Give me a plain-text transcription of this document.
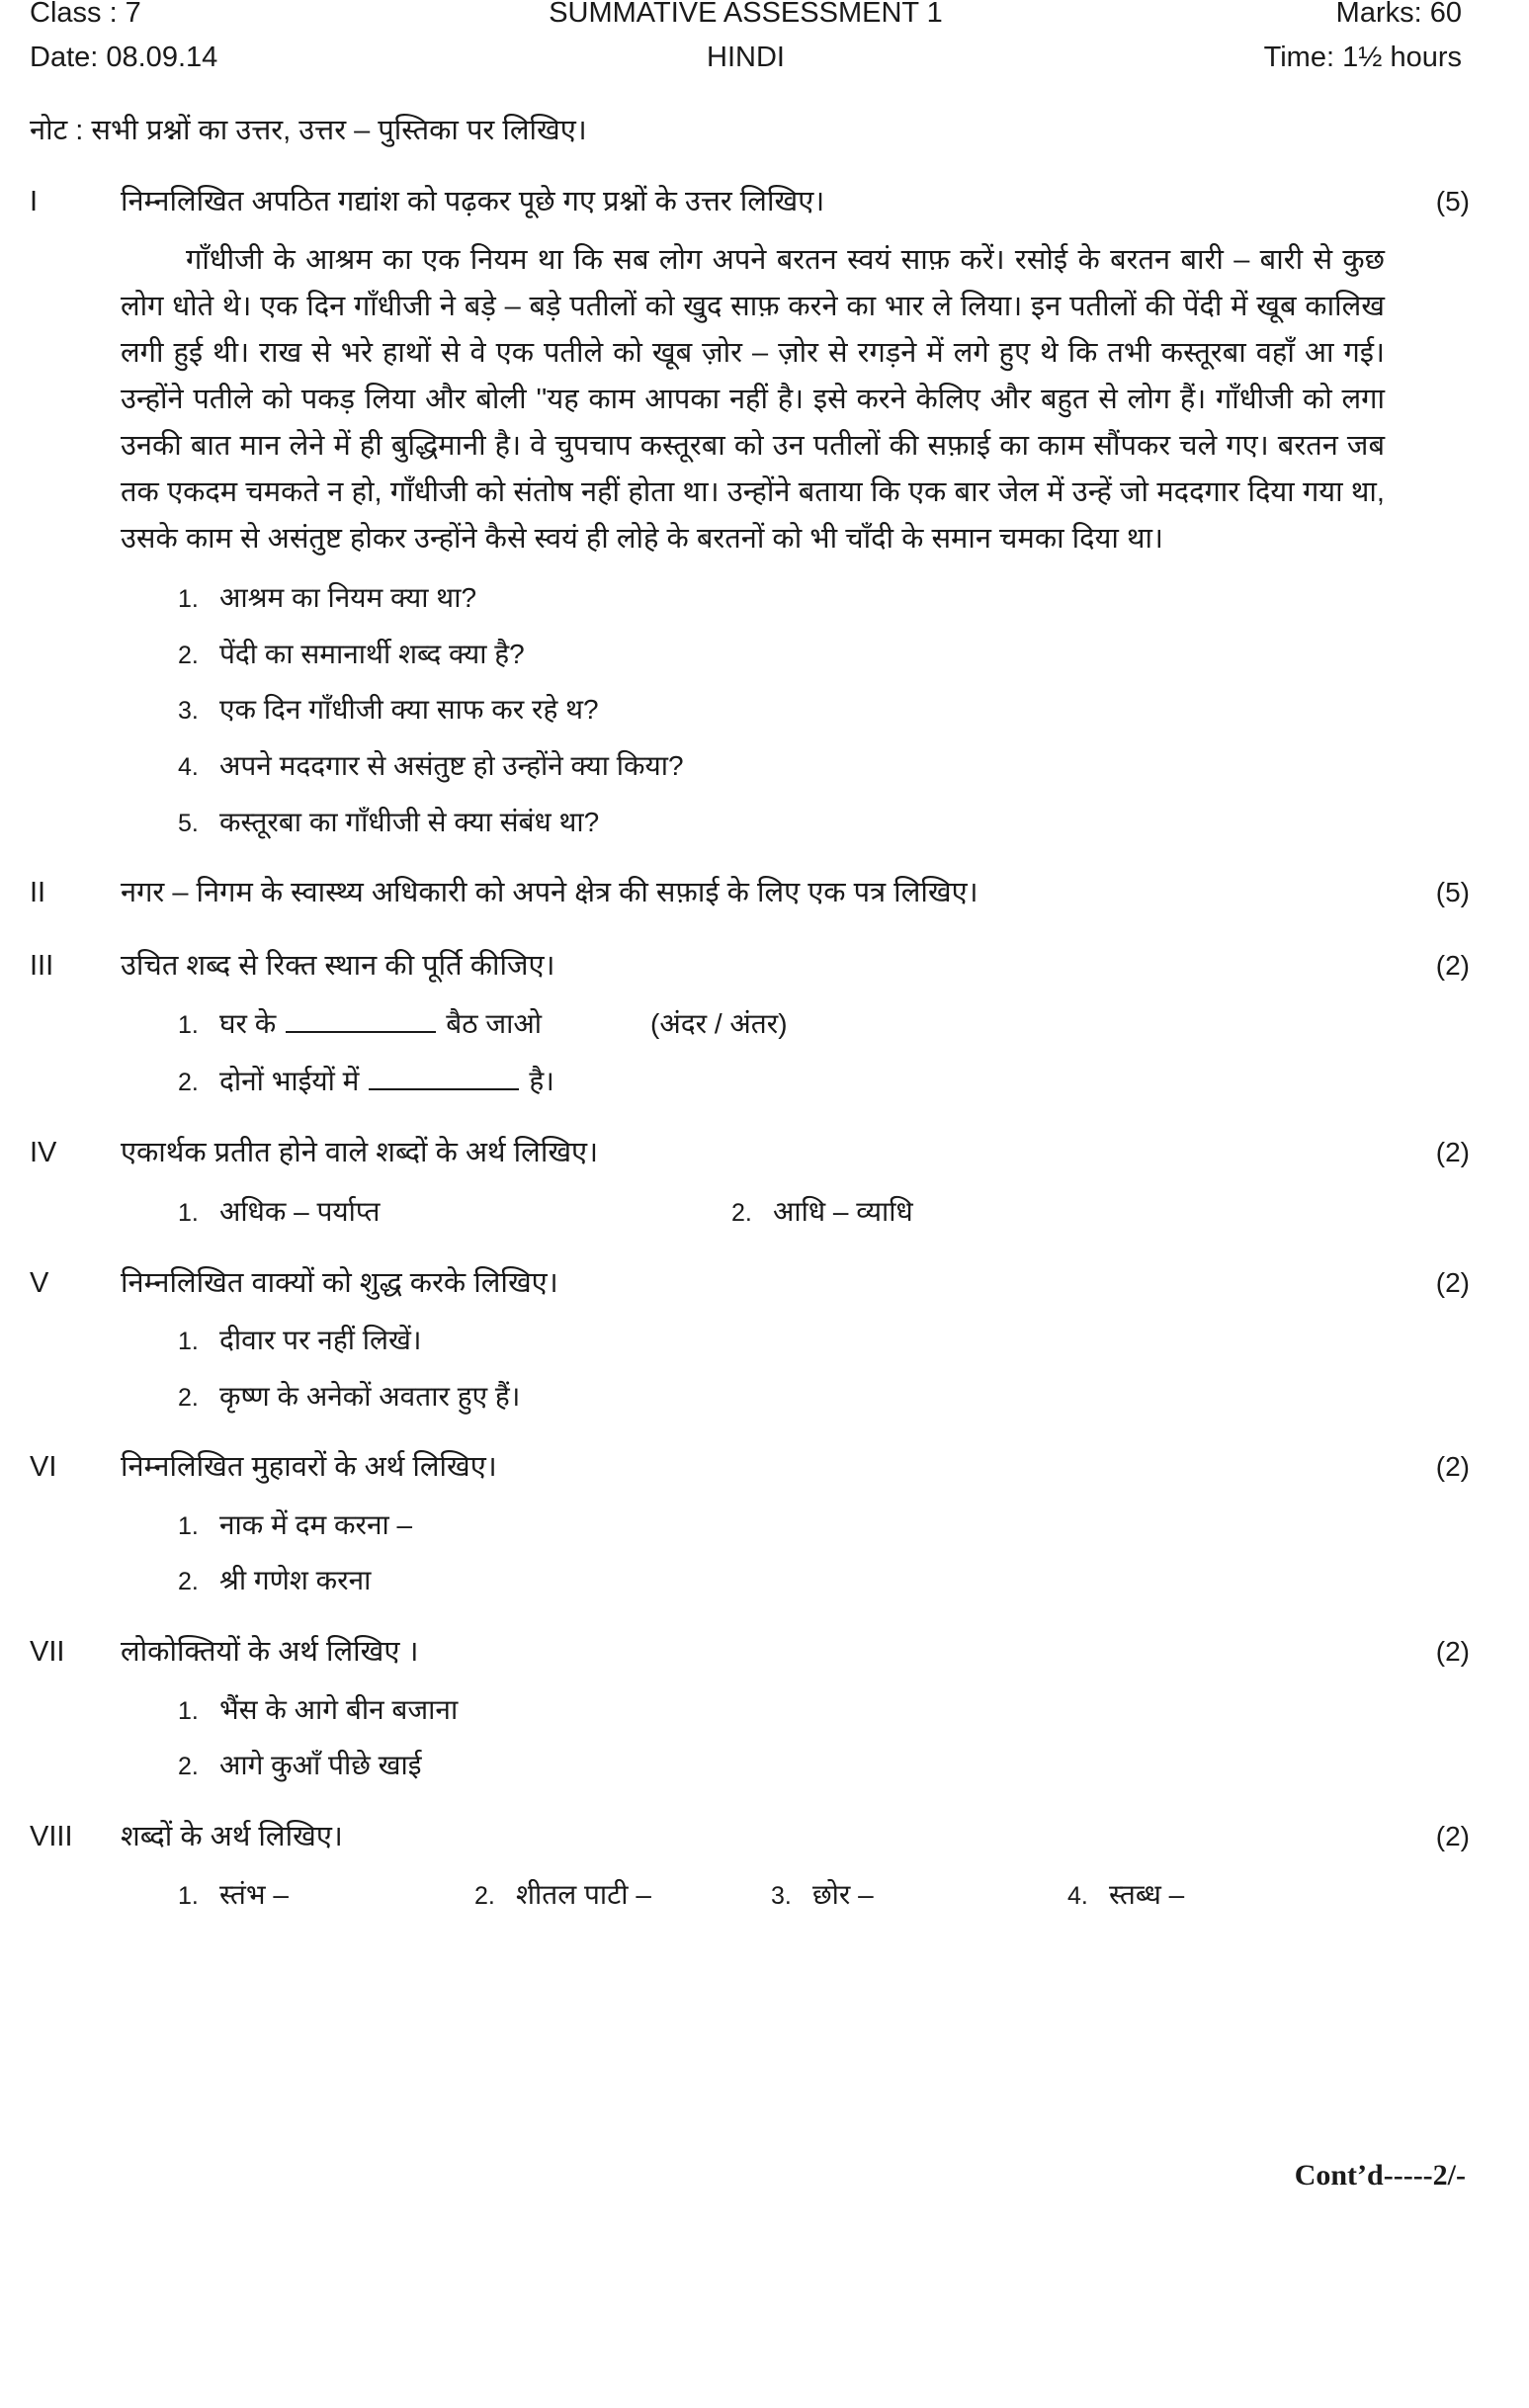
Class : 7	SUMMATIVE ASSESSMENT 1	Marks: 60
Date: 08.09.14	HINDI	Time: 1½ hours
नोट : सभी प्रश्नों का उत्तर, उत्तर – पुस्तिका पर लिखिए।
I	(5)
निम्नलिखित अपठित गद्यांश को पढ़कर पूछे गए प्रश्नों के उत्तर लिखिए।
गाँधीजी के आश्रम का एक नियम था कि सब लोग अपने बरतन स्वयं साफ़ करें। रसोई के बरतन बारी – बारी से कुछ लोग धोते थे। एक दिन गाँधीजी ने बड़े – बड़े पतीलों को खुद साफ़ करने का भार ले लिया। इन पतीलों की पेंदी में खूब कालिख लगी हुई थी। राख से भरे हाथों से वे एक पतीले को खूब ज़ोर – ज़ोर से रगड़ने में लगे हुए थे कि तभी कस्तूरबा वहाँ आ गई। उन्होंने पतीले को पकड़ लिया और बोली ''यह काम आपका नहीं है। इसे करने केलिए और बहुत से लोग हैं। गाँधीजी को लगा उनकी बात मान लेने में ही बुद्धिमानी है। वे चुपचाप कस्तूरबा को उन पतीलों की सफ़ाई का काम सौंपकर चले गए। बरतन जब तक एकदम चमकते न हो, गाँधीजी को संतोष नहीं होता था। उन्होंने बताया कि एक बार जेल में उन्हें जो मददगार दिया गया था, उसके काम से असंतुष्ट होकर उन्होंने कैसे स्वयं ही लोहे के बरतनों को भी चाँदी के समान चमका दिया था।
1. आश्रम का नियम क्या था?
2. पेंदी का समानार्थी शब्द क्या है?
3. एक दिन गाँधीजी क्या साफ कर रहे थ?
4. अपने मददगार से असंतुष्ट हो उन्होंने क्या किया?
5. कस्तूरबा का गाँधीजी से क्या संबंध था?
II	(5)
नगर – निगम के स्वास्थ्य अधिकारी को अपने क्षेत्र की सफ़ाई के लिए एक पत्र लिखिए।
III	(2)
उचित शब्द से रिक्त स्थान की पूर्ति कीजिए।
1. घर के	बैठ जाओ	(अंदर / अंतर)
2. दोनों भाईयों में	है।
IV	(2)
एकार्थक प्रतीत होने वाले शब्दों के अर्थ लिखिए।
1. अधिक – पर्याप्त	2. आधि – व्याधि
V	(2)
निम्नलिखित वाक्यों को शुद्ध करके लिखिए।
1. दीवार पर नहीं लिखें।
2. कृष्ण के अनेकों अवतार हुए हैं।
VI	(2)
निम्नलिखित मुहावरों के अर्थ लिखिए।
1. नाक में दम करना –
2. श्री गणेश करना
VII	(2)
लोकोक्तियों के अर्थ लिखिए ।
1. भैंस के आगे बीन बजाना
2. आगे कुआँ पीछे खाई
VIII	(2)
शब्दों के अर्थ लिखिए।
1. स्तंभ –	2. शीतल पाटी –	3. छोर –	4. स्तब्ध –
Cont’d-----2/-
